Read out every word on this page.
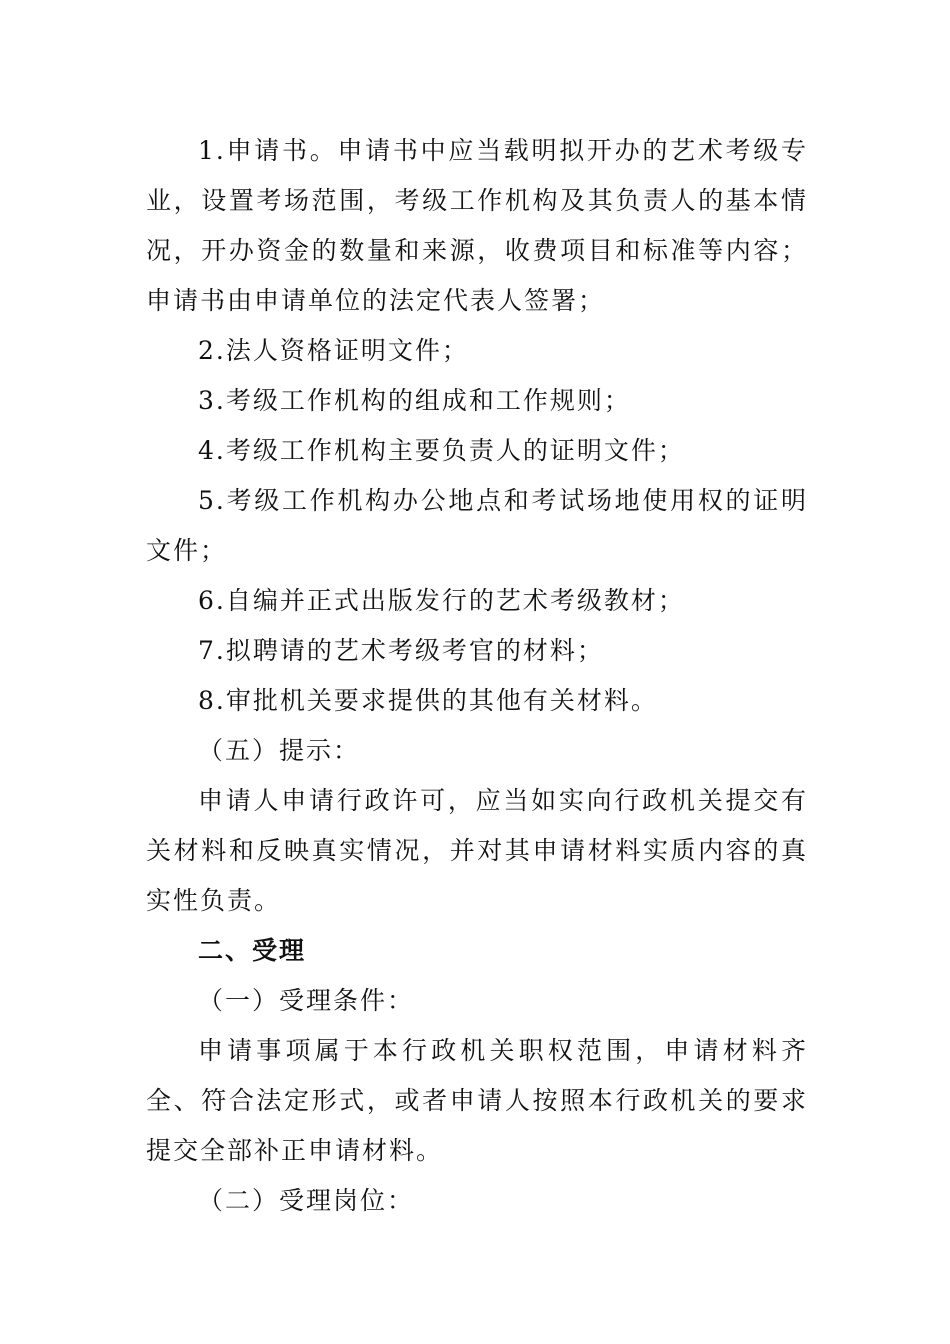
1.申请书。申请书中应当载明拟开办的艺术考级专业，设置考场范围，考级工作机构及其负责人的基本情况，开办资金的数量和来源，收费项目和标准等内容；申请书由申请单位的法定代表人签署；

2.法人资格证明文件；

3.考级工作机构的组成和工作规则；

4.考级工作机构主要负责人的证明文件；

5.考级工作机构办公地点和考试场地使用权的证明文件；

6.自编并正式出版发行的艺术考级教材；

7.拟聘请的艺术考级考官的材料；

8.审批机关要求提供的其他有关材料。

（五）提示：

申请人申请行政许可，应当如实向行政机关提交有关材料和反映真实情况，并对其申请材料实质内容的真实性负责。

二、受理

（一）受理条件：

申请事项属于本行政机关职权范围，申请材料齐全、符合法定形式，或者申请人按照本行政机关的要求提交全部补正申请材料。

（二）受理岗位：
